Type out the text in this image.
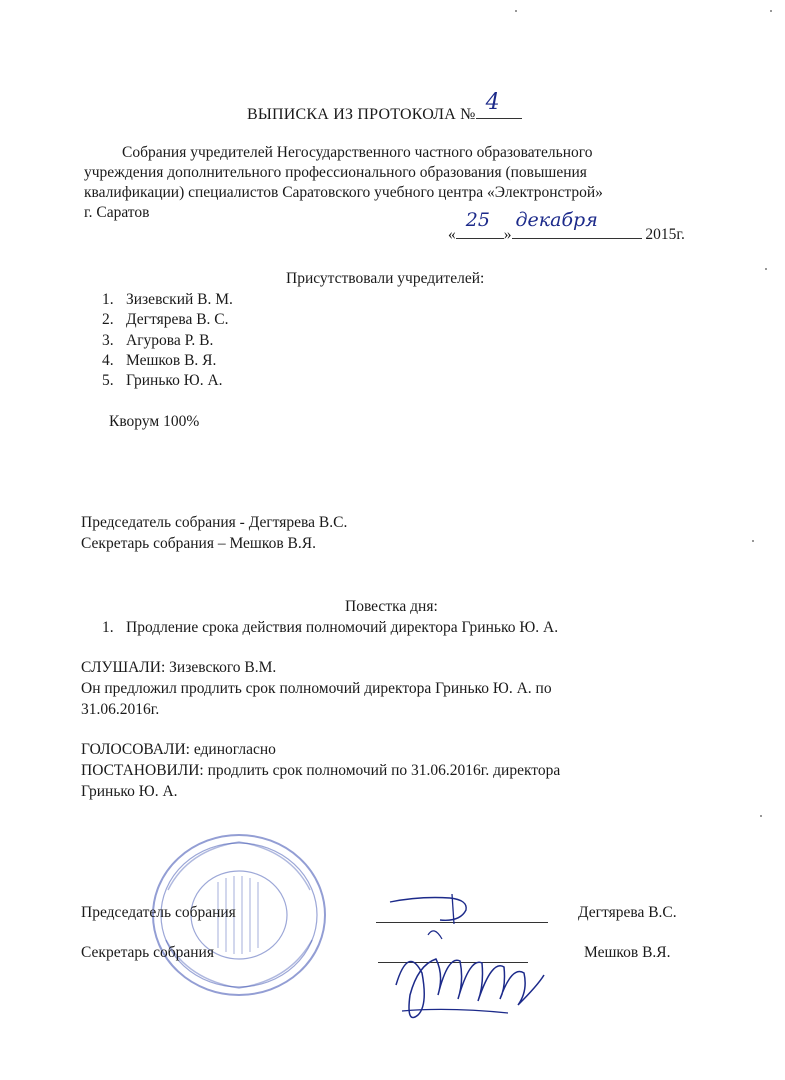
ВЫПИСКА ИЗ ПРОТОКОЛА № 4

Собрания учредителей Негосударственного частного образовательного

учреждения дополнительного профессионального образования (повышения

квалификации) специалистов Саратовского учебного центра «Электронстрой»

г. Саратов

«
25
»
декабря
2015г.
Присутствовали учредителей:
1. Зизевский В. М.
2. Дегтярева В. С.
3. Агурова Р. В.
4. Мешков В. Я.
5. Гринько Ю. А.
Кворум 100%
Председатель собрания - Дегтярева В.С.
Секретарь собрания – Мешков В.Я.
Повестка дня:
1. Продление срока действия полномочий директора Гринько Ю. А.
СЛУШАЛИ: Зизевского В.М.
Он предложил продлить срок полномочий директора Гринько Ю. А. по
31.06.2016г.
ГОЛОСОВАЛИ: единогласно
ПОСТАНОВИЛИ: продлить срок полномочий по 31.06.2016г. директора
Гринько Ю. А.
Председатель собрания	Дегтярева В.С.
Секретарь собрания	Мешков В.Я.
